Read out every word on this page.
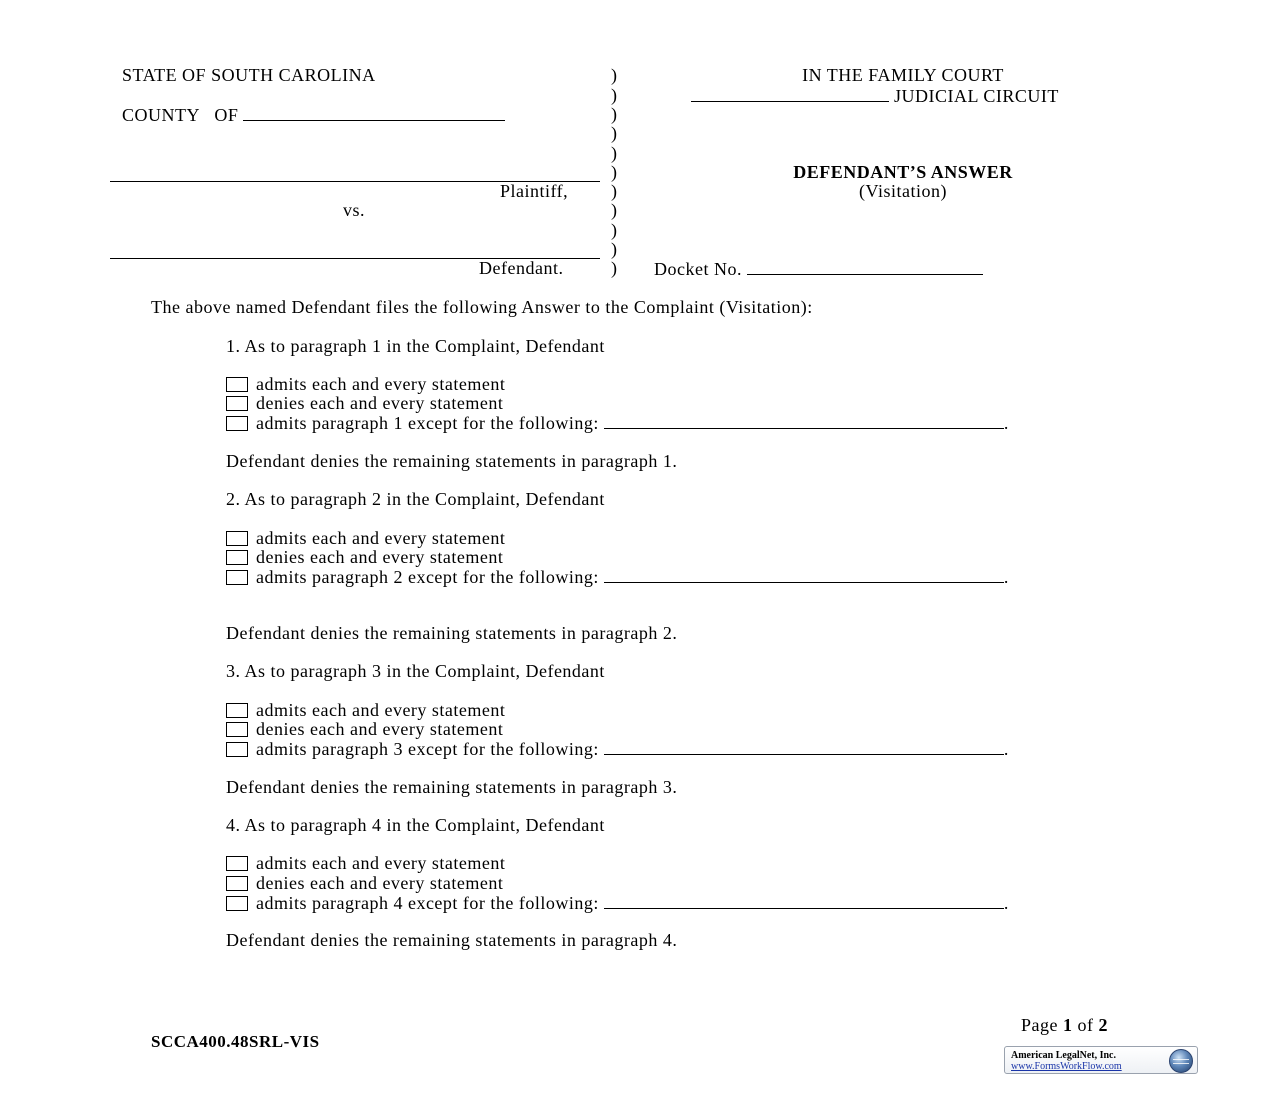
STATE OF SOUTH CAROLINA
COUNTY   OF
Plaintiff,
vs.
Defendant.
)
)
)
)
)
)
)
)
)
)
)
IN THE FAMILY COURT
JUDICIAL CIRCUIT
DEFENDANT’S ANSWER
(Visitation)
Docket No.
The above named Defendant files the following Answer to the Complaint (Visitation):
1. As to paragraph 1 in the Complaint, Defendant
admits each and every statement
denies each and every statement
admits paragraph 1 except for the following:	.
Defendant denies the remaining statements in paragraph 1.
2. As to paragraph 2 in the Complaint, Defendant
admits each and every statement
denies each and every statement
admits paragraph 2 except for the following:	.
Defendant denies the remaining statements in paragraph 2.
3. As to paragraph 3 in the Complaint, Defendant
admits each and every statement
denies each and every statement
admits paragraph 3 except for the following:	.
Defendant denies the remaining statements in paragraph 3.
4. As to paragraph 4 in the Complaint, Defendant
admits each and every statement
denies each and every statement
admits paragraph 4 except for the following:	.
Defendant denies the remaining statements in paragraph 4.
Page 1 of 2
SCCA400.48SRL-VIS
American LegalNet, Inc.
www.FormsWorkFlow.com
